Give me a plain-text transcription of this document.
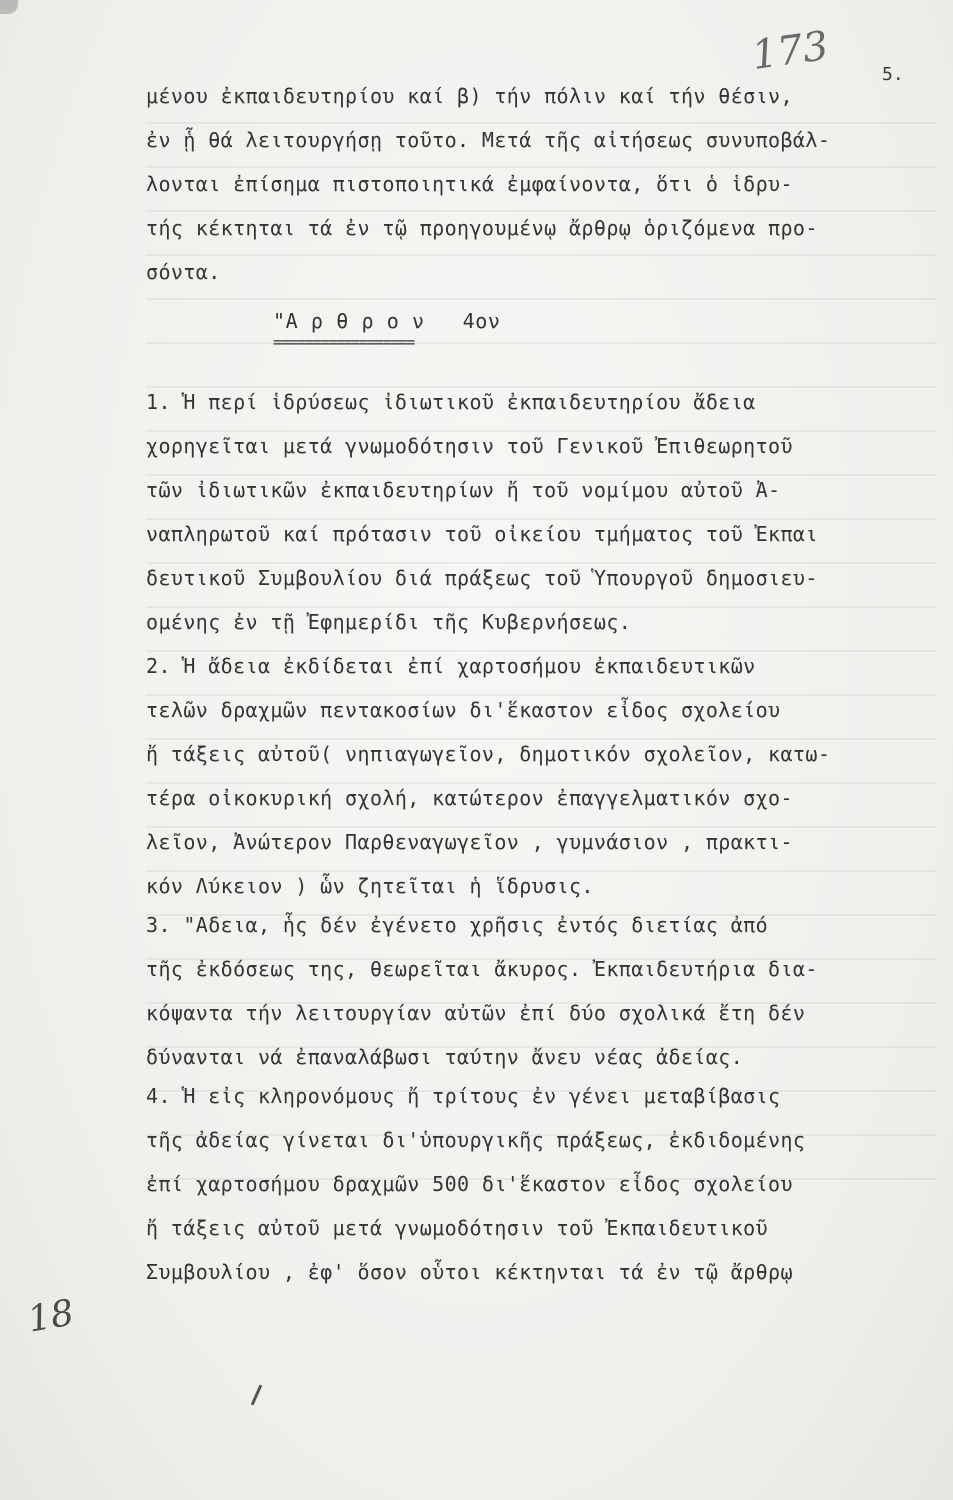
173	5.
μένου ἐκπαιδευτηρίου καί β) τήν πόλιν καί τήν θέσιν,
ἐν ᾗ θά λειτουργήσῃ τοῦτο. Μετά τῆς αἰτήσεως συνυποβάλ-
λονται ἐπίσημα πιστοποιητικά ἐμφαίνοντα, ὅτι ὁ ἱδρυ-
τής κέκτηται τά ἐν τῷ προηγουμένῳ ἄρθρῳ ὁριζόμενα προ-
σόντα.
"Α ρ θ ρ ο ν   4ον
==================
1. Ἡ περί ἱδρύσεως ἰδιωτικοῦ ἐκπαιδευτηρίου ἄδεια
χορηγεῖται μετά γνωμοδότησιν τοῦ Γενικοῦ Ἐπιθεωρητοῦ
τῶν ἰδιωτικῶν ἐκπαιδευτηρίων ἤ τοῦ νομίμου αὐτοῦ Ἀ-
ναπληρωτοῦ καί πρότασιν τοῦ οἰκείου τμήματος τοῦ Ἐκπαι
δευτικοῦ Συμβουλίου διά πράξεως τοῦ Ὑπουργοῦ δημοσιευ-
ομένης ἐν τῇ Ἐφημερίδι τῆς Κυβερνήσεως.
2. Ἡ ἄδεια ἐκδίδεται ἐπί χαρτοσήμου ἐκπαιδευτικῶν
τελῶν δραχμῶν πεντακοσίων δι'ἕκαστον εἶδος σχολείου
ἤ τάξεις αὐτοῦ( νηπιαγωγεῖον, δημοτικόν σχολεῖον, κατω-
τέρα οἰκοκυρική σχολή, κατώτερον ἐπαγγελματικόν σχο-
λεῖον, Ἀνώτερον Παρθεναγωγεῖον , γυμνάσιον , πρακτι-
κόν Λύκειον ) ὧν ζητεῖται ἡ ἵδρυσις.
3. "Αδεια, ἧς δέν ἐγένετο χρῆσις ἐντός διετίας ἀπό
τῆς ἐκδόσεως της, θεωρεῖται ἄκυρος. Ἐκπαιδευτήρια δια-
κόψαντα τήν λειτουργίαν αὐτῶν ἐπί δύο σχολικά ἔτη δέν
δύνανται νά ἐπαναλάβωσι ταύτην ἄνευ νέας ἀδείας.
4. Ἡ εἰς κληρονόμους ἤ τρίτους ἐν γένει μεταβίβασις
τῆς ἀδείας γίνεται δι'ὑπουργικῆς πράξεως, ἐκδιδομένης
ἐπί χαρτοσήμου δραχμῶν 500 δι'ἕκαστον εἶδος σχολείου
ἤ τάξεις αὐτοῦ μετά γνωμοδότησιν τοῦ Ἐκπαιδευτικοῦ
Συμβουλίου , ἐφ' ὅσον οὗτοι κέκτηνται τά ἐν τῷ ἄρθρῳ
18
